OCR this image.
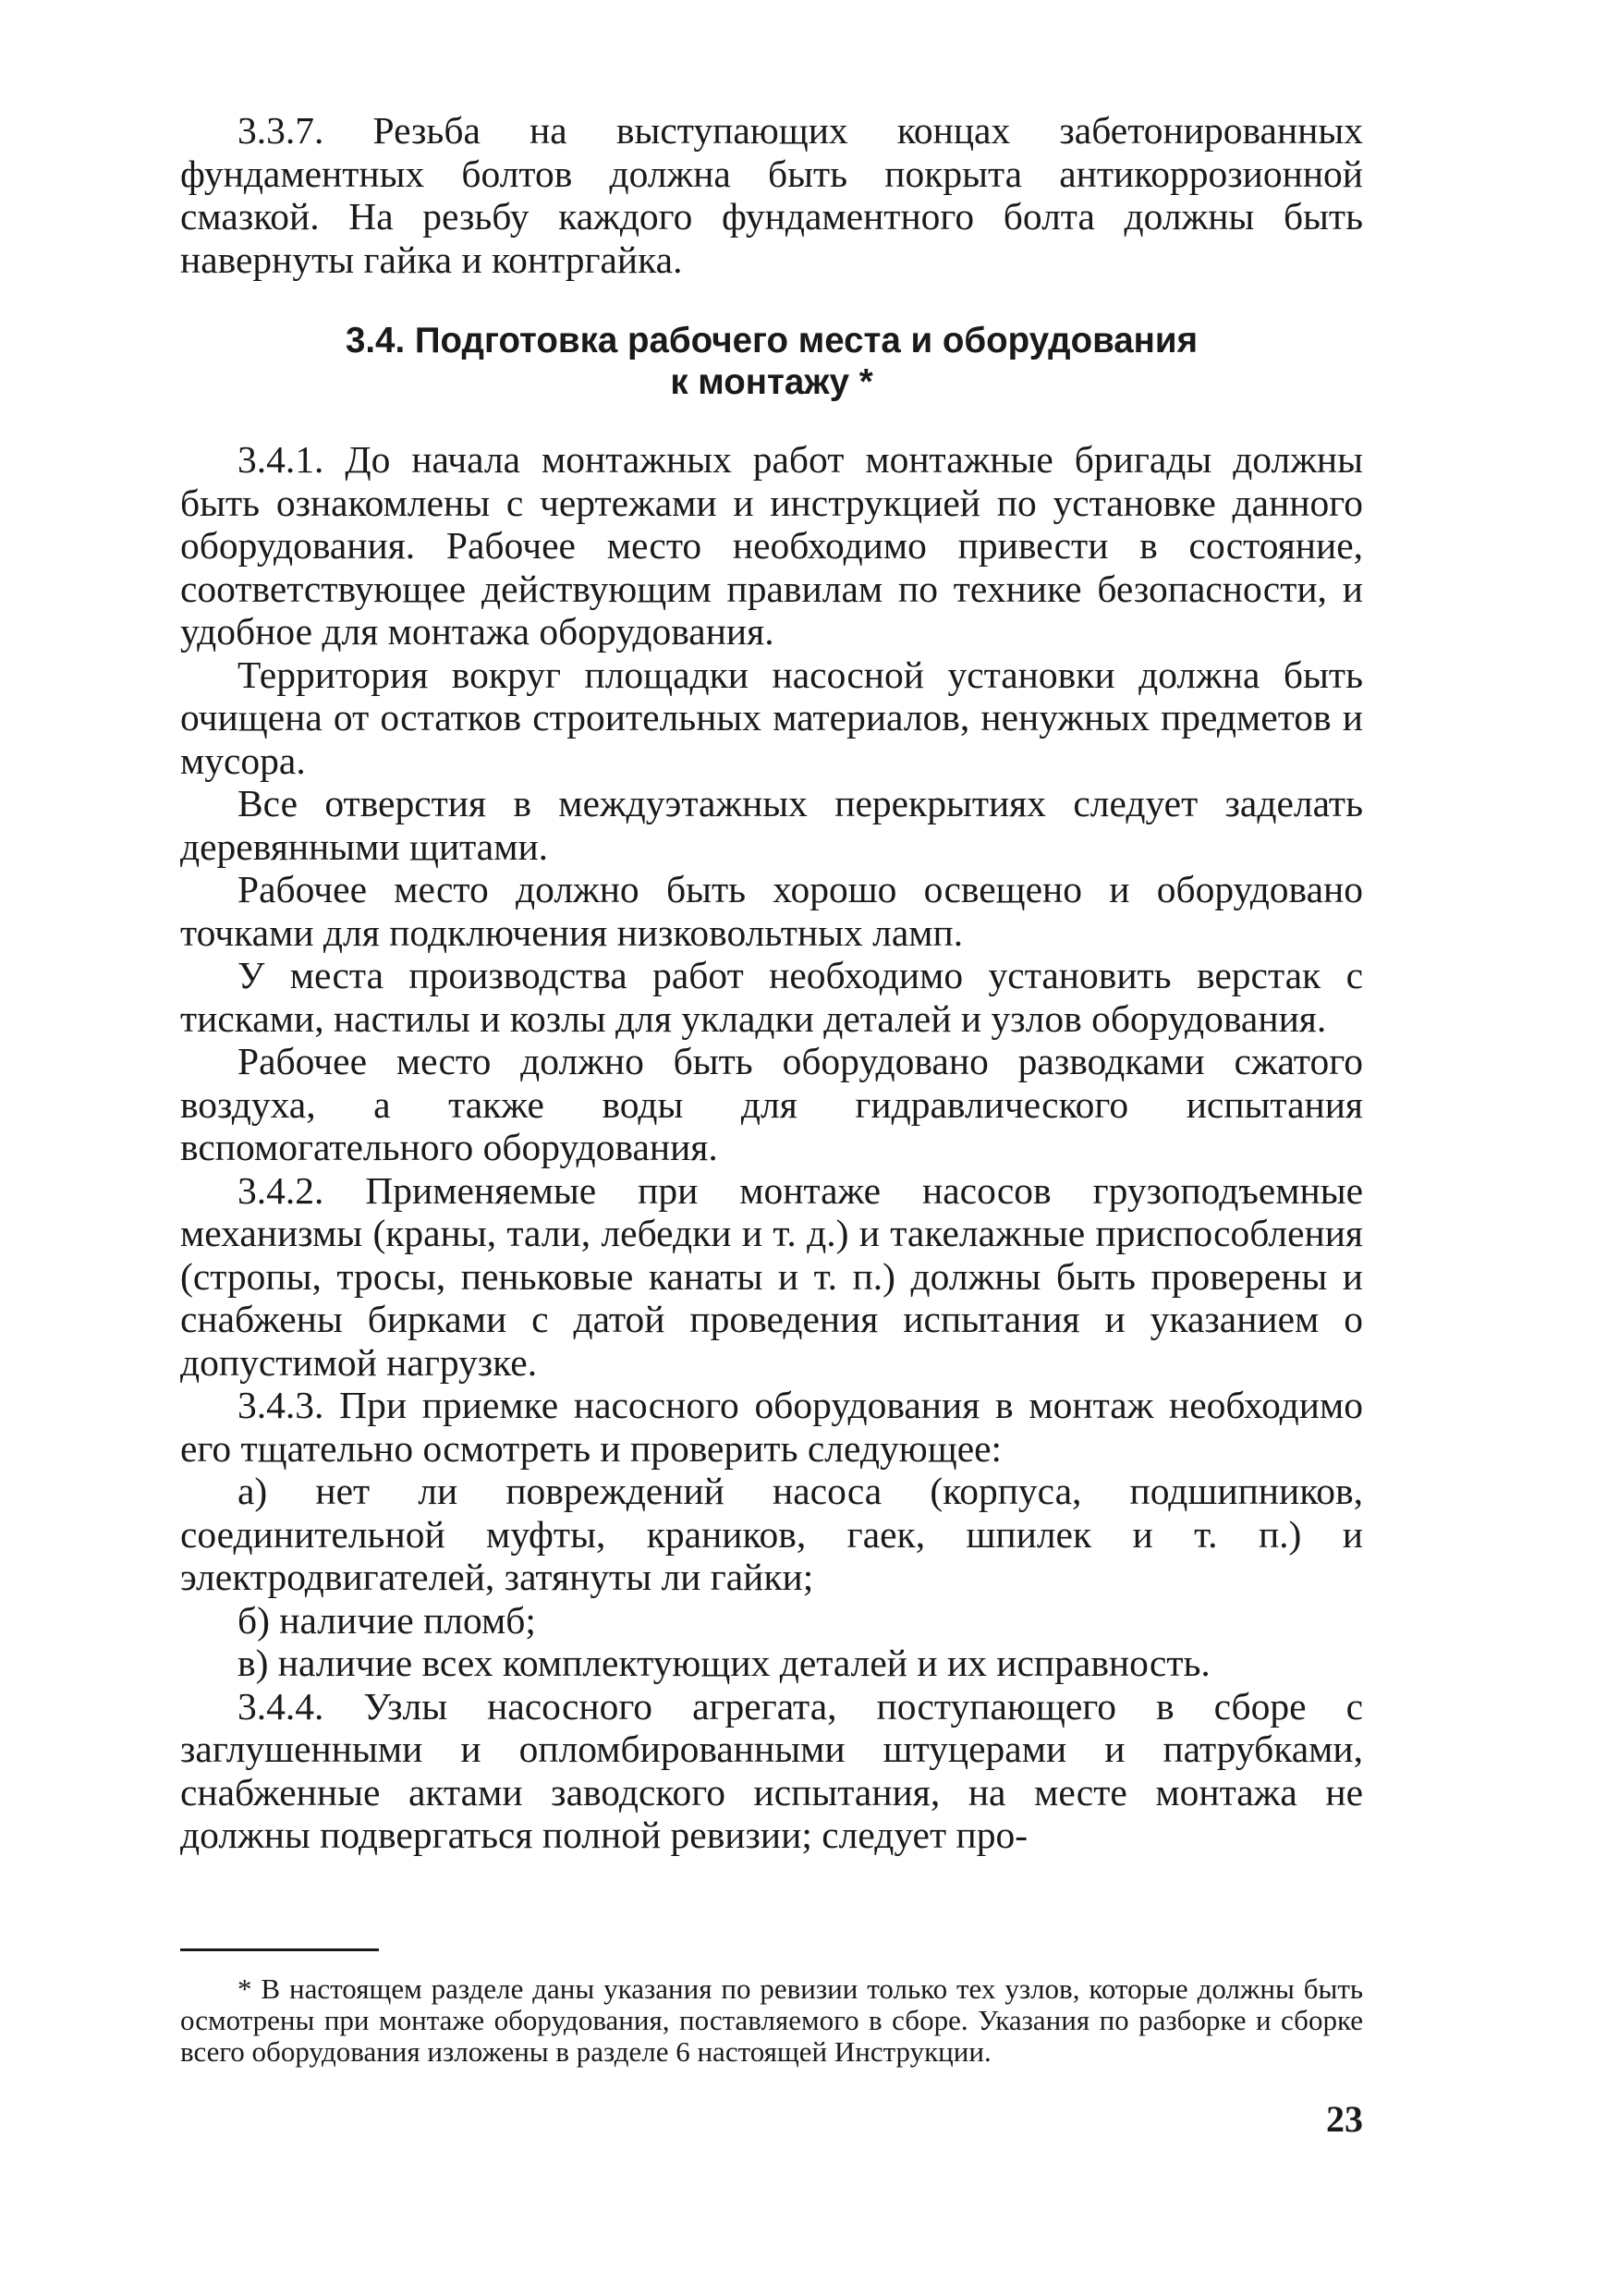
3.3.7. Резьба на выступающих концах забетонированных фундаментных болтов должна быть покрыта антикоррозионной смазкой. На резьбу каждого фундаментного болта должны быть навернуты гайка и контргайка.

3.4. Подготовка рабочего места и оборудования
к монтажу *

3.4.1. До начала монтажных работ монтажные бригады должны быть ознакомлены с чертежами и инструкцией по установке данного оборудования. Рабочее место необходимо привести в состояние, соответствующее действующим правилам по технике безопасности, и удобное для монтажа оборудования.

Территория вокруг площадки насосной установки должна быть очищена от остатков строительных материалов, ненужных предметов и мусора.

Все отверстия в междуэтажных перекрытиях следует заделать деревянными щитами.

Рабочее место должно быть хорошо освещено и оборудовано точками для подключения низковольтных ламп.

У места производства работ необходимо установить верстак с тисками, настилы и козлы для укладки деталей и узлов оборудования.

Рабочее место должно быть оборудовано разводками сжатого воздуха, а также воды для гидравлического испытания вспомогательного оборудования.

3.4.2. Применяемые при монтаже насосов грузоподъемные механизмы (краны, тали, лебедки и т. д.) и такелажные приспособления (стропы, тросы, пеньковые канаты и т. п.) должны быть проверены и снабжены бирками с датой проведения испытания и указанием о допустимой нагрузке.

3.4.3. При приемке насосного оборудования в монтаж необходимо его тщательно осмотреть и проверить следующее:

а) нет ли повреждений насоса (корпуса, подшипников, соединительной муфты, краников, гаек, шпилек и т. п.) и электродвигателей, затянуты ли гайки;

б) наличие пломб;

в) наличие всех комплектующих деталей и их исправность.

3.4.4. Узлы насосного агрегата, поступающего в сборе с заглушенными и опломбированными штуцерами и патрубками, снабженные актами заводского испытания, на месте монтажа не должны подвергаться полной ревизии; следует про-

* В настоящем разделе даны указания по ревизии только тех узлов, которые должны быть осмотрены при монтаже оборудования, поставляемого в сборе. Указания по разборке и сборке всего оборудования изложены в разделе 6 настоящей Инструкции.

23
